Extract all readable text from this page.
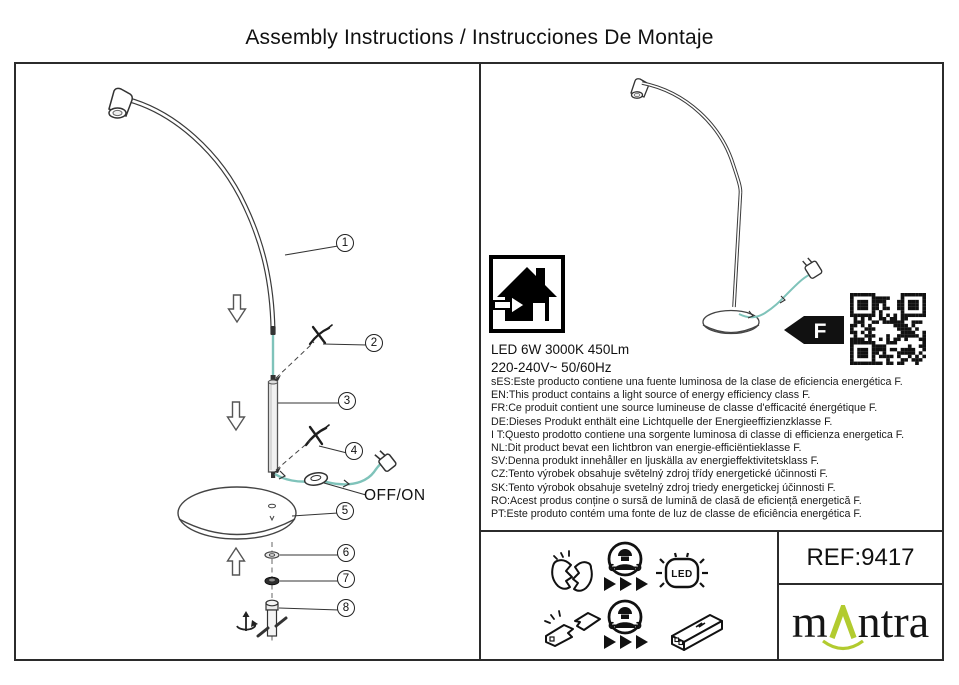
Assembly Instructions / Instrucciones De Montaje
F
LED 6W 3000K 450Lm
220-240V~ 50/60Hz
sES:Este producto contiene una fuente luminosa de la clase de eficiencia energética F.
EN:This product contains a light source of energy efficiency class F.
FR:Ce produit contient une source lumineuse de classe d'efficacité énergétique F.
DE:Dieses Produkt enthält eine Lichtquelle der Energieeffizienzklasse F.
I T:Questo prodotto contiene una sorgente luminosa di classe di efficienza energetica F.
NL:Dit product bevat een lichtbron van energie-efficiëntieklasse F.
SV:Denna produkt innehåller en ljuskälla av energieffektivitetsklass F.
CZ:Tento výrobek obsahuje světelný zdroj třídy energetické účinnosti F.
SK:Tento výrobok obsahuje svetelný zdroj triedy energetickej účinnosti F.
RO:Acest produs conține o sursă de lumină de clasă de eficiență energetică F.
PT:Este produto contém uma fonte de luz de classe de eficiência energética F.
LED
REF:9417
m ntra
1
2
3
4
5
6
7
8
OFF/ON
